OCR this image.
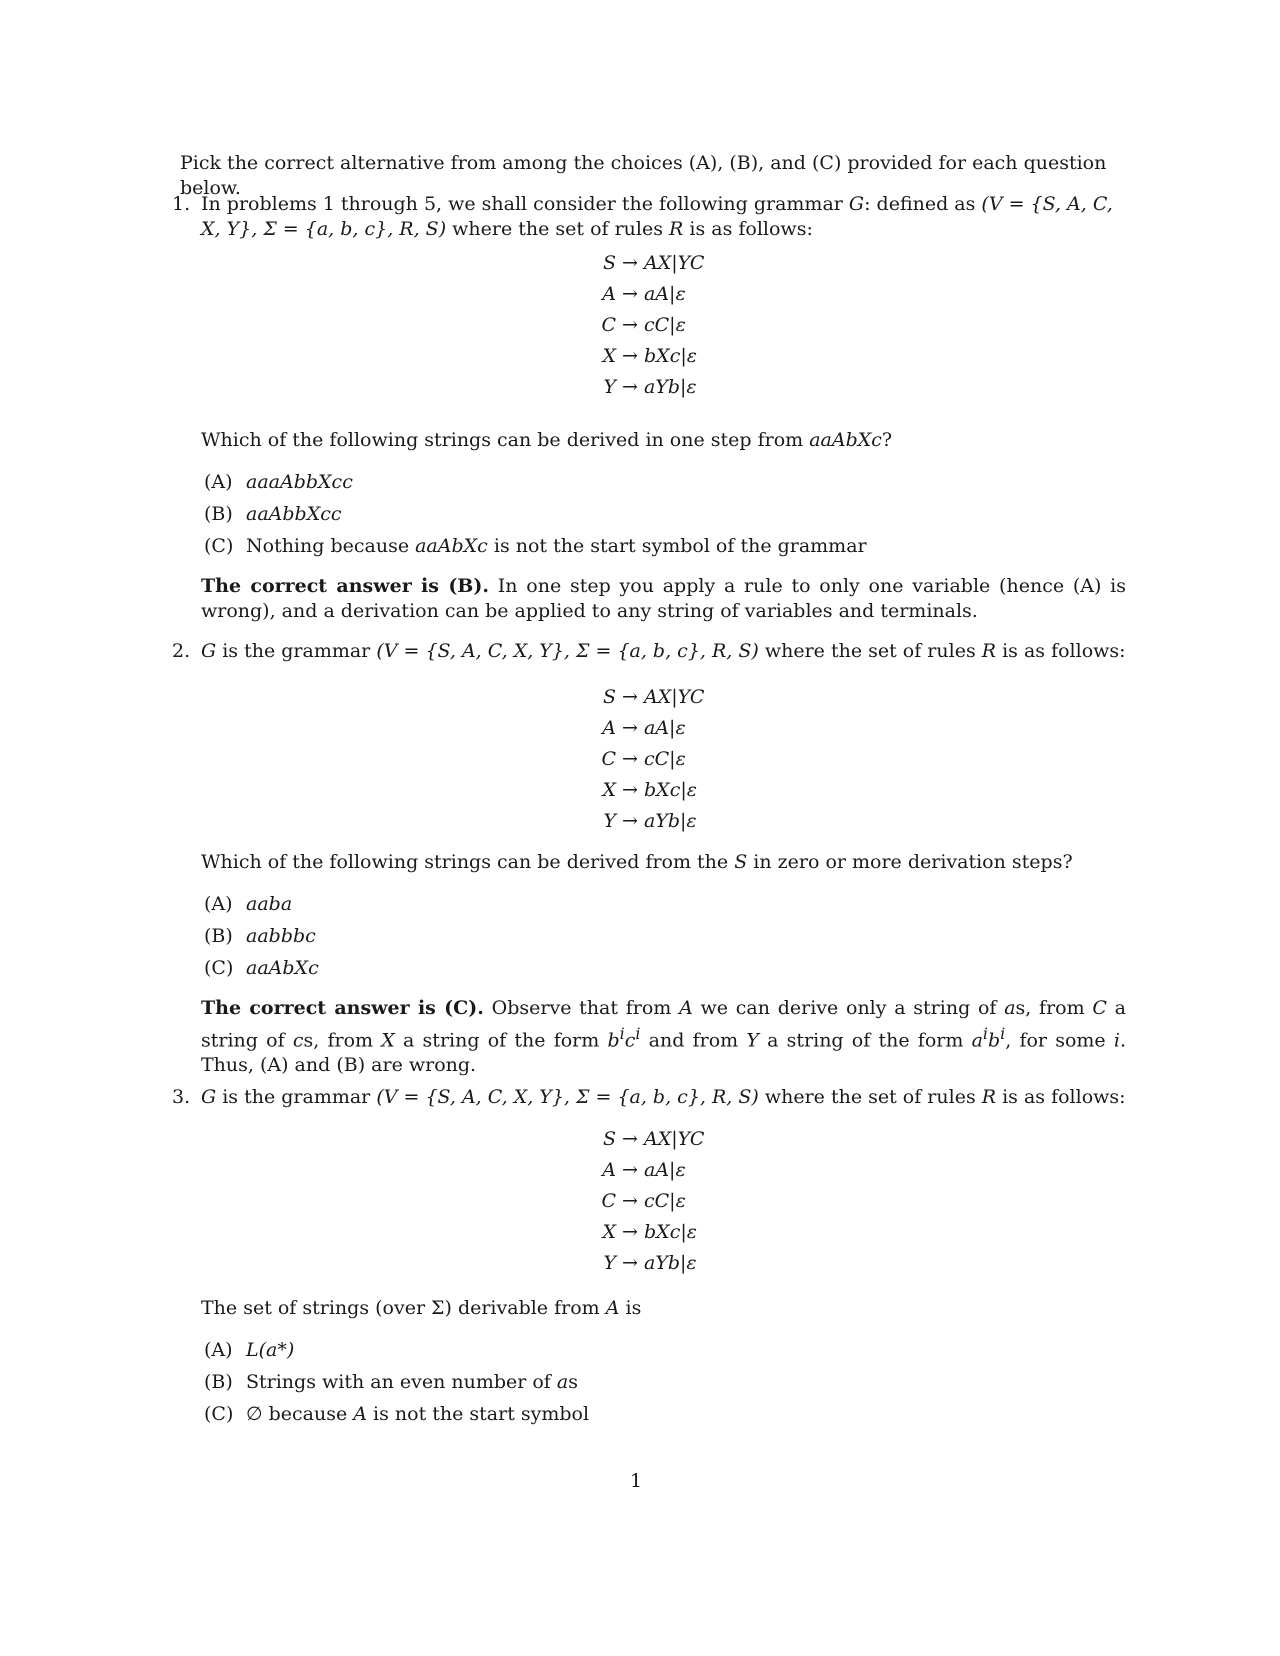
Pick the correct alternative from among the choices (A), (B), and (C) provided for each question below.
1. In problems 1 through 5, we shall consider the following grammar G: defined as (V = {S, A, C, X, Y}, Σ = {a, b, c}, R, S) where the set of rules R is as follows:
S → AX|YC
A → aA|ε
C → cC|ε
X → bXc|ε
Y → aYb|ε
Which of the following strings can be derived in one step from aaAbXc?
(A) aaaAbbXcc
(B) aaAbbXcc
(C) Nothing because aaAbXc is not the start symbol of the grammar
The correct answer is (B). In one step you apply a rule to only one variable (hence (A) is wrong), and a derivation can be applied to any string of variables and terminals.
2. G is the grammar (V = {S, A, C, X, Y}, Σ = {a, b, c}, R, S) where the set of rules R is as follows:
S → AX|YC
A → aA|ε
C → cC|ε
X → bXc|ε
Y → aYb|ε
Which of the following strings can be derived from the S in zero or more derivation steps?
(A) aaba
(B) aabbbc
(C) aaAbXc
The correct answer is (C). Observe that from A we can derive only a string of as, from C a string of cs, from X a string of the form $b^ic^i$ and from Y a string of the form $a^ib^i$, for some i. Thus, (A) and (B) are wrong.
3. G is the grammar (V = {S, A, C, X, Y}, Σ = {a, b, c}, R, S) where the set of rules R is as follows:
S → AX|YC
A → aA|ε
C → cC|ε
X → bXc|ε
Y → aYb|ε
The set of strings (over Σ) derivable from A is
(A) L(a*)
(B) Strings with an even number of as
(C) ∅ because A is not the start symbol
1
